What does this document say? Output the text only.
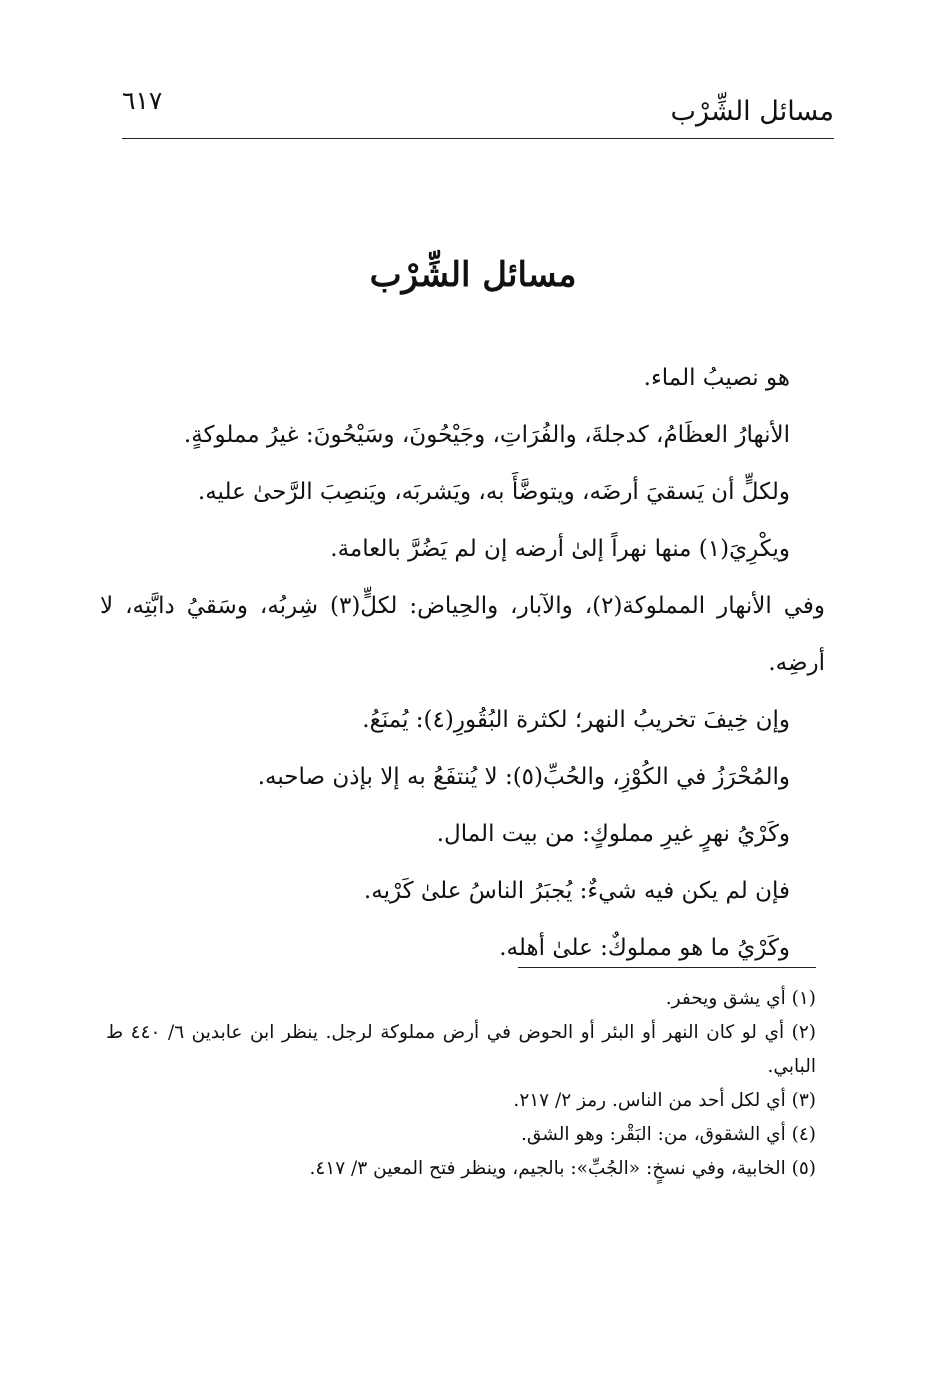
٦١٧	مسائل الشِّرْب
مسائل الشِّرْب
هو نصيبُ الماء.
الأنهارُ العظَامُ، كدجلةَ، والفُرَاتِ، وجَيْحُونَ، وسَيْحُونَ: غيرُ مملوكةٍ.
ولكلٍّ أن يَسقيَ أرضَه، ويتوضَّأَ به، ويَشربَه، ويَنصِبَ الرَّحىٰ عليه.
ويكْرِيَ(١) منها نهراً إلىٰ أرضه إن لم يَضُرَّ بالعامة.
وفي الأنهار المملوكة(٢)، والآبار، والحِياض: لكلٍّ(٣) شِربُه، وسَقيُ دابَّتِه، لا أرضِه.
وإن خِيفَ تخريبُ النهر؛ لكثرة البُقُورِ(٤): يُمنَعُ.
والمُحْرَزُ في الكُوْزِ، والحُبِّ(٥): لا يُنتفَعُ به إلا بإذن صاحبه.
وكَرْيُ نهرٍ غيرِ مملوكٍ: من بيت المال.
فإن لم يكن فيه شيءٌ: يُجبَرُ الناسُ علىٰ كَرْيه.
وكَرْيُ ما هو مملوكٌ: علىٰ أهله.
(١) أي يشق ويحفر.
(٢) أي لو كان النهر أو البئر أو الحوض في أرض مملوكة لرجل. ينظر ابن عابدين ٦/ ٤٤٠ ط البابي.
(٣) أي لكل أحد من الناس. رمز ٢/ ٢١٧.
(٤) أي الشقوق، من: البَقْر: وهو الشق.
(٥) الخابية، وفي نسخٍ: «الجُبِّ»: بالجيم، وينظر فتح المعين ٣/ ٤١٧.
